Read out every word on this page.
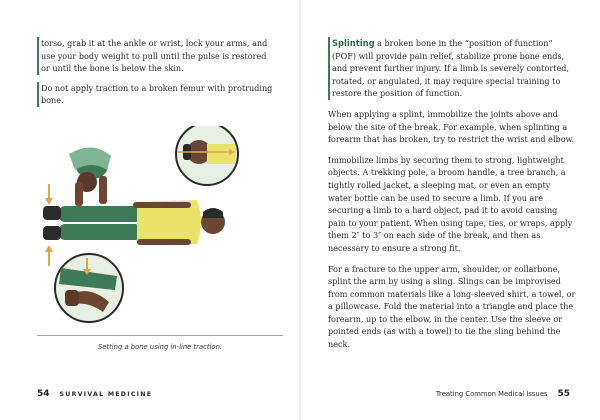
torso, grab it at the ankle or wrist, lock your arms, and use your body weight to pull until the pulse is restored or until the bone is below the skin.

Do not apply traction to a broken femur with protruding bone.

Setting a bone using in-line traction.

54 SURVIVAL MEDICINE

Splinting a broken bone in the “position of function” (POF) will provide pain relief, stabilize prone bone ends, and prevent further injury. If a limb is severely contorted, rotated, or angulated, it may require special training to restore the position of function.

When applying a splint, immobilize the joints above and below the site of the break. For example, when splinting a forearm that has broken, try to restrict the wrist and elbow.

Immobilize limbs by securing them to strong, lightweight objects. A trekking pole, a broom handle, a tree branch, a tightly rolled jacket, a sleeping mat, or even an empty water bottle can be used to secure a limb. If you are securing a limb to a hard object, pad it to avoid causing pain to your patient. When using tape, ties, or wraps, apply them 2″ to 3″ on each side of the break, and then as necessary to ensure a strong fit.

For a fracture to the upper arm, shoulder, or collarbone, splint the arm by using a sling. Slings can be improvised from common materials like a long-sleeved shirt, a towel, or a pillowcase. Fold the material into a triangle and place the forearm, up to the elbow, in the center. Use the sleeve or pointed ends (as with a towel) to tie the sling behind the neck.

Treating Common Medical Issues 55
